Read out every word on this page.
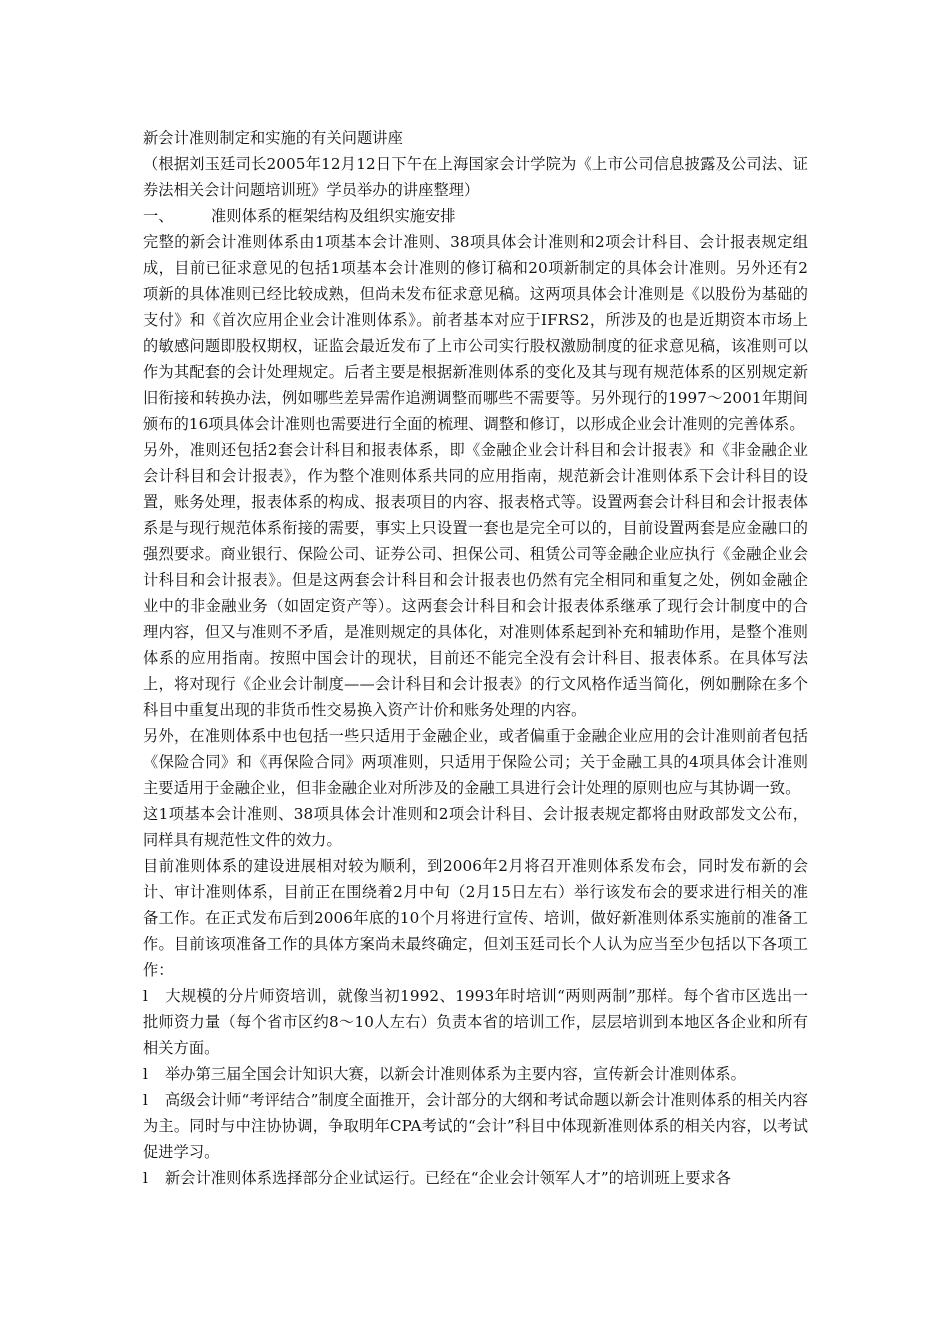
新会计准则制定和实施的有关问题讲座

（根据刘玉廷司长2005年12月12日下午在上海国家会计学院为《上市公司信息披露及公司法、证券法相关会计问题培训班》学员举办的讲座整理）

一、	准则体系的框架结构及组织实施安排

完整的新会计准则体系由1项基本会计准则、38项具体会计准则和2项会计科目、会计报表规定组成，目前已征求意见的包括1项基本会计准则的修订稿和20项新制定的具体会计准则。另外还有2项新的具体准则已经比较成熟，但尚未发布征求意见稿。这两项具体会计准则是《以股份为基础的支付》和《首次应用企业会计准则体系》。前者基本对应于IFRS2，所涉及的也是近期资本市场上的敏感问题即股权期权，证监会最近发布了上市公司实行股权激励制度的征求意见稿，该准则可以作为其配套的会计处理规定。后者主要是根据新准则体系的变化及其与现有规范体系的区别规定新旧衔接和转换办法，例如哪些差异需作追溯调整而哪些不需要等。另外现行的1997～2001年期间颁布的16项具体会计准则也需要进行全面的梳理、调整和修订，以形成企业会计准则的完善体系。

另外，准则还包括2套会计科目和报表体系，即《金融企业会计科目和会计报表》和《非金融企业会计科目和会计报表》，作为整个准则体系共同的应用指南，规范新会计准则体系下会计科目的设置，账务处理，报表体系的构成、报表项目的内容、报表格式等。设置两套会计科目和会计报表体系是与现行规范体系衔接的需要，事实上只设置一套也是完全可以的，目前设置两套是应金融口的强烈要求。商业银行、保险公司、证券公司、担保公司、租赁公司等金融企业应执行《金融企业会计科目和会计报表》。但是这两套会计科目和会计报表也仍然有完全相同和重复之处，例如金融企业中的非金融业务（如固定资产等）。这两套会计科目和会计报表体系继承了现行会计制度中的合理内容，但又与准则不矛盾，是准则规定的具体化，对准则体系起到补充和辅助作用，是整个准则体系的应用指南。按照中国会计的现状，目前还不能完全没有会计科目、报表体系。在具体写法上，将对现行《企业会计制度——会计科目和会计报表》的行文风格作适当简化，例如删除在多个科目中重复出现的非货币性交易换入资产计价和账务处理的内容。

另外，在准则体系中也包括一些只适用于金融企业，或者偏重于金融企业应用的会计准则前者包括《保险合同》和《再保险合同》两项准则，只适用于保险公司；关于金融工具的4项具体会计准则主要适用于金融企业，但非金融企业对所涉及的金融工具进行会计处理的原则也应与其协调一致。

这1项基本会计准则、38项具体会计准则和2项会计科目、会计报表规定都将由财政部发文公布，同样具有规范性文件的效力。

目前准则体系的建设进展相对较为顺利，到2006年2月将召开准则体系发布会，同时发布新的会计、审计准则体系，目前正在围绕着2月中旬（2月15日左右）举行该发布会的要求进行相关的准备工作。在正式发布后到2006年底的10个月将进行宣传、培训，做好新准则体系实施前的准备工作。目前该项准备工作的具体方案尚未最终确定，但刘玉廷司长个人认为应当至少包括以下各项工作：

l 大规模的分片师资培训，就像当初1992、1993年时培训“两则两制”那样。每个省市区选出一批师资力量（每个省市区约8～10人左右）负责本省的培训工作，层层培训到本地区各企业和所有相关方面。

l 举办第三届全国会计知识大赛，以新会计准则体系为主要内容，宣传新会计准则体系。

l 高级会计师“考评结合”制度全面推开，会计部分的大纲和考试命题以新会计准则体系的相关内容为主。同时与中注协协调，争取明年CPA考试的“会计”科目中体现新准则体系的相关内容，以考试促进学习。

l 新会计准则体系选择部分企业试运行。已经在“企业会计领军人才”的培训班上要求各
